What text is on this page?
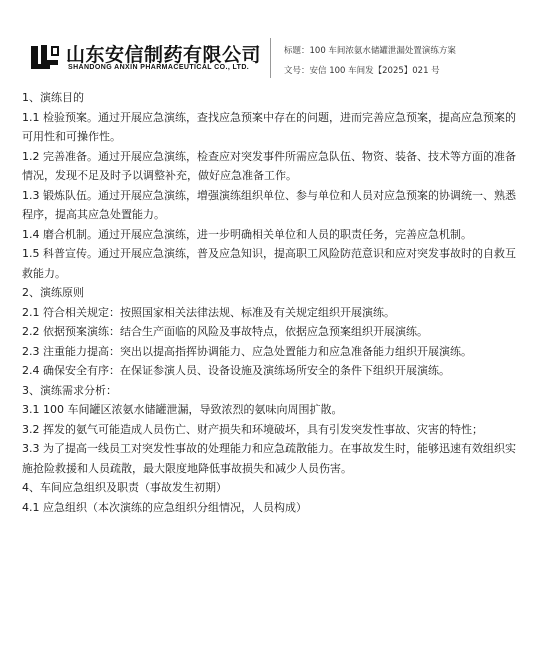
山东安信制药有限公司
SHANDONG ANXIN PHARMACEUTICAL CO., LTD.
标题：100 车间浓氨水储罐泄漏处置演练方案
文号：安信 100 车间发【2025】021 号

1、演练目的

1.1 检验预案。通过开展应急演练，查找应急预案中存在的问题，进而完善应急预案，提高应急预案的可用性和可操作性。

1.2 完善准备。通过开展应急演练，检查应对突发事件所需应急队伍、物资、装备、技术等方面的准备情况，发现不足及时予以调整补充，做好应急准备工作。

1.3 锻炼队伍。通过开展应急演练，增强演练组织单位、参与单位和人员对应急预案的协调统一、熟悉程序，提高其应急处置能力。

1.4 磨合机制。通过开展应急演练，进一步明确相关单位和人员的职责任务，完善应急机制。

1.5 科普宣传。通过开展应急演练，普及应急知识，提高职工风险防范意识和应对突发事故时的自救互救能力。

2、演练原则

2.1 符合相关规定：按照国家相关法律法规、标准及有关规定组织开展演练。

2.2 依据预案演练：结合生产面临的风险及事故特点，依据应急预案组织开展演练。

2.3 注重能力提高：突出以提高指挥协调能力、应急处置能力和应急准备能力组织开展演练。

2.4 确保安全有序：在保证参演人员、设备设施及演练场所安全的条件下组织开展演练。

3、演练需求分析：

3.1 100 车间罐区浓氨水储罐泄漏，导致浓烈的氨味向周围扩散。

3.2 挥发的氨气可能造成人员伤亡、财产损失和环境破坏，具有引发突发性事故、灾害的特性；

3.3 为了提高一线员工对突发性事故的处理能力和应急疏散能力。在事故发生时，能够迅速有效组织实施抢险救援和人员疏散，最大限度地降低事故损失和减少人员伤害。

4、车间应急组织及职责（事故发生初期）

4.1 应急组织（本次演练的应急组织分组情况，人员构成）
